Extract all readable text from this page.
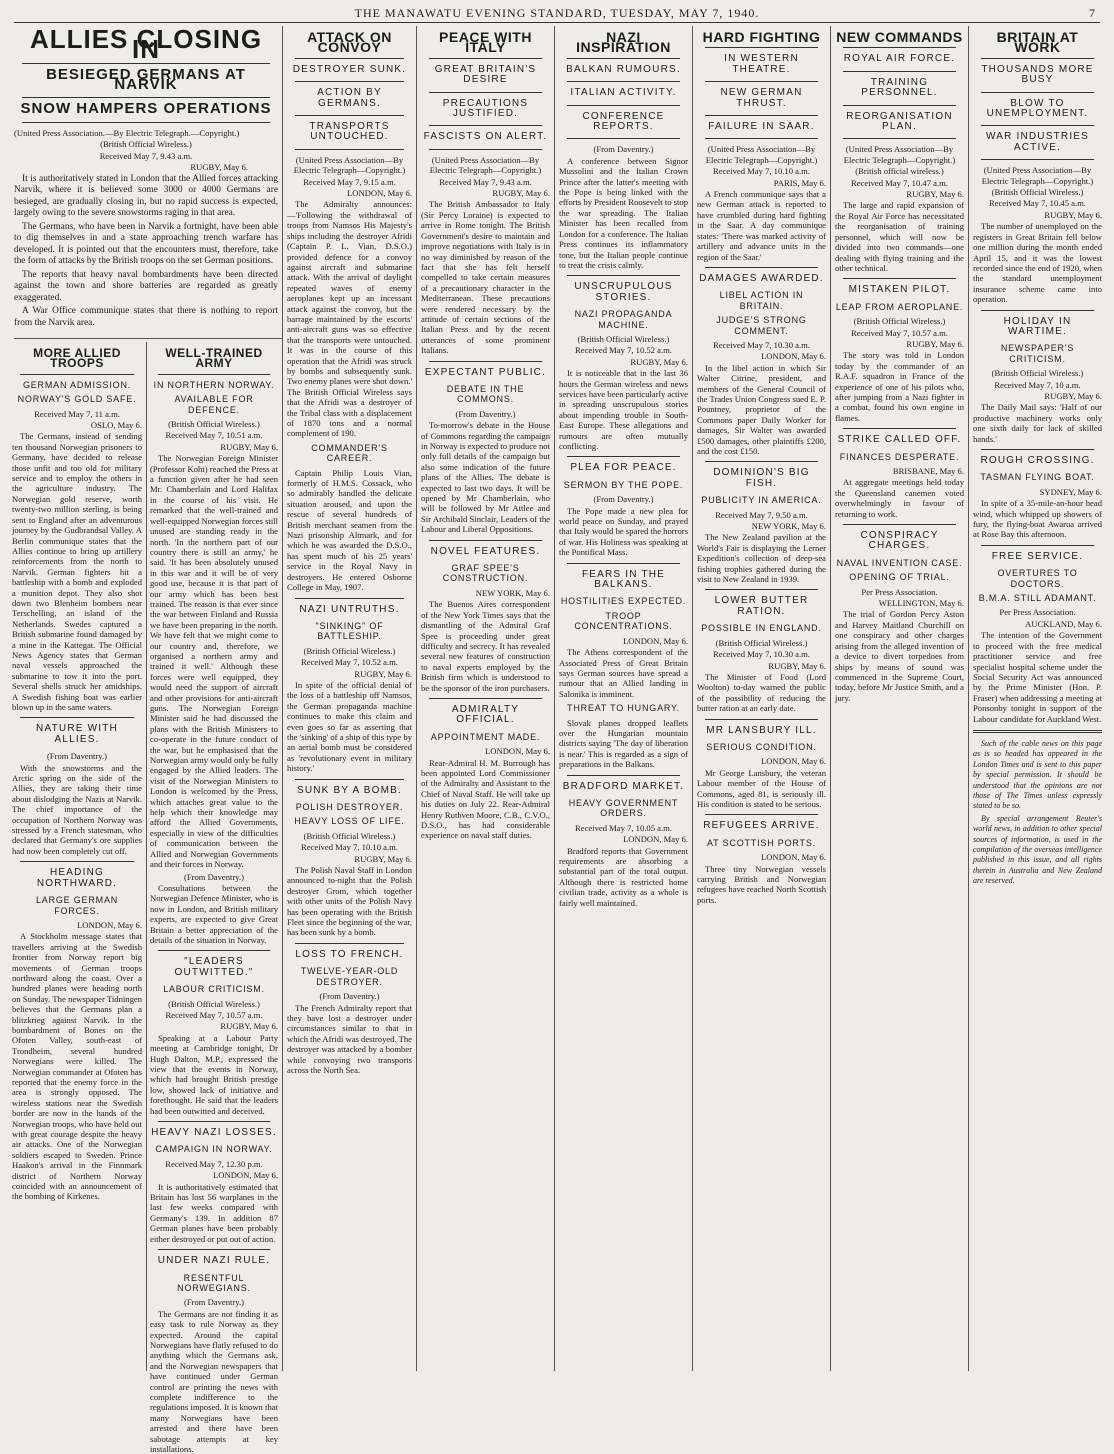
THE MANAWATU EVENING STANDARD, TUESDAY, MAY 7, 1940.	7
ALLIES CLOSING IN
BESIEGED GERMANS AT NARVIK
SNOW HAMPERS OPERATIONS
(United Press Association.—By Electric Telegraph.—Copyright.)
(British Official Wireless.)
Received May 7, 9.43 a.m.
RUGBY, May 6.

It is authoritatively stated in London that the Allied forces attacking Narvik, where it is believed some 3000 or 4000 Germans are besieged, are gradually closing in, but no rapid success is expected, largely owing to the severe snowstorms raging in that area.

The Germans, who have been in Narvik a fortnight, have been able to dig themselves in and a state approaching trench warfare has developed. It is pointed out that the encounters must, therefore, take the form of attacks by the British troops on the set German positions.

The reports that heavy naval bombardments have been directed against the town and shore batteries are regarded as greatly exaggerated.

A War Office communique states that there is nothing to report from the Narvik area.

MORE ALLIED TROOPS
GERMAN ADMISSION.
NORWAY'S GOLD SAFE.
Received May 7, 11 a.m.
OSLO, May 6.

The Germans, instead of sending ten thousand Norwegian prisoners to Germany, have decided to release those unfit and too old for military service and to employ the others in the agriculture industry. The Norwegian gold reserve, worth twenty-two million sterling, is being sent to England after an adventurous journey by the Gudbrandsal Valley. A Berlin communique states that the Allies continue to bring up artillery reinforcements from the north to Narvik. German fighters hit a battleship with a bomb and exploded a munition depot. They also shot down two Blenheim bombers near Terschelling, an island of the Netherlands. Swedes captured a British submarine found damaged by a mine in the Kattegat. The Official News Agency states that German naval vessels approached the submarine to tow it into the port. Several shells struck her amidships. A Swedish fishing boat was earlier blown up in the same waters.

NATURE WITH ALLIES.
(From Daventry.)

With the snowstorms and the Arctic spring on the side of the Allies, they are taking their time about dislodging the Nazis at Narvik. The chief importance of the occupation of Northern Norway was stressed by a French statesman, who declared that Germany's ore supplies had now been completely cut off.

HEADING NORTHWARD.
LARGE GERMAN FORCES.
LONDON, May 6.

A Stockholm message states that travellers arriving at the Swedish frontier from Norway report big movements of German troops northward along the coast. Over a hundred planes were heading north on Sunday. The newspaper Tidningen believes that the Germans plan a blitzkrieg against Narvik. In the bombardment of Bones on the Ofoten Valley, south-east of Trondheim, several hundred Norwegians were killed. The Norwegian commander at Ofoten has reported that the enemy force in the area is strongly opposed. The wireless stations near the Swedish border are now in the hands of the Norwegian troops, who have held out with great courage despite the heavy air attacks. One of the Norwegian soldiers escaped to Sweden. Prince Haakon's arrival in the Finnmark district of Northern Norway coincided with an announcement of the bombing of Kirkenes.

WELL-TRAINED ARMY
IN NORTHERN NORWAY.
AVAILABLE FOR DEFENCE.
(British Official Wireless.)
Received May 7, 10.51 a.m.
RUGBY, May 6.

The Norwegian Foreign Minister (Professor Koht) reached the Press at a function given after he had seen Mr. Chamberlain and Lord Halifax in the course of his visit. He remarked that the well-trained and well-equipped Norwegian forces still unused are standing ready in the north. 'In the northern part of our country there is still an army,' he said. 'It has been absolutely unused in this war and it will be of very good use, because it is that part of our army which has been best trained. The reason is that ever since the war between Finland and Russia we have been preparing in the north. We have felt that we might come to our country and, therefore, we organised a northern army and trained it well.' Although these forces were well equipped, they would need the support of aircraft and other provisions for anti-aircraft guns. The Norwegian Foreign Minister said he had discussed the plans with the British Ministers to co-operate in the future conduct of the war, but he emphasised that the Norwegian army would only be fully engaged by the Allied leaders. The visit of the Norwegian Ministers to London is welcomed by the Press, which attaches great value to the help which their knowledge may afford the Allied Governments, especially in view of the difficulties of communication between the Allied and Norwegian Governments and their forces in Norway.

(From Daventry.)

Consultations between the Norwegian Defence Minister, who is now in London, and British military experts, are expected to give Great Britain a better appreciation of the details of the situation in Norway.

"LEADERS OUTWITTED."
LABOUR CRITICISM.
(British Official Wireless.)
Received May 7, 10.57 a.m.
RUGBY, May 6.

Speaking at a Labour Party meeting at Cambridge tonight, Dr Hugh Dalton, M.P., expressed the view that the events in Norway, which had brought British prestige low, showed lack of initiative and forethought. He said that the leaders had been outwitted and deceived.

HEAVY NAZI LOSSES.
CAMPAIGN IN NORWAY.
Received May 7, 12.30 p.m.
LONDON, May 6.

It is authoritatively estimated that Britain has lost 56 warplanes in the last few weeks compared with Germany's 139. In addition 87 German planes have been probably either destroyed or put out of action.

UNDER NAZI RULE.
RESENTFUL NORWEGIANS.
(From Daventry.)

The Germans are not finding it as easy task to rule Norway as they expected. Around the capital Norwegians have flatly refused to do anything which the Germans ask, and the Norwegian newspapers that have continued under German control are printing the news with complete indifference to the regulations imposed. It is known that many Norwegians have been arrested and there have been sabotage attempts at key installations.

ATTACK ON CONVOY
DESTROYER SUNK.
ACTION BY GERMANS.
TRANSPORTS UNTOUCHED.
(United Press Association—By Electric Telegraph—Copyright.)
Received May 7, 9.15 a.m.
LONDON, May 6.

The Admiralty announces:—'Following the withdrawal of troops from Namsos His Majesty's ships including the destroyer Afridi (Captain P. L. Vian, D.S.O.) provided defence for a convoy against aircraft and submarine attack. With the arrival of daylight repeated waves of enemy aeroplanes kept up an incessant attack against the convoy, but the barrage maintained by the escorts' anti-aircraft guns was so effective that the transports were untouched. It was in the course of this operation that the Afridi was struck by bombs and subsequently sunk. Two enemy planes were shot down.' The British Official Wireless says that the Afridi was a destroyer of the Tribal class with a displacement of 1870 tons and a normal complement of 190.

COMMANDER'S CAREER.

Captain Philip Louis Vian, formerly of H.M.S. Cossack, who so admirably handled the delicate situation aroused, and upon the rescue of several hundreds of British merchant seamen from the Nazi prisonship Altmark, and for which he was awarded the D.S.O., has spent much of his 25 years' service in the Royal Navy in destroyers. He entered Osborne College in May, 1907.

NAZI UNTRUTHS.
"SINKING" OF BATTLESHIP.
(British Official Wireless.)
Received May 7, 10.52 a.m.
RUGBY, May 6.

In spite of the official denial of the loss of a battleship off Namsos, the German propaganda machine continues to make this claim and even goes so far as asserting that the 'sinking' of a ship of this type by an aerial bomb must be considered as 'revolutionary event in military history.'

SUNK BY A BOMB.
POLISH DESTROYER.
HEAVY LOSS OF LIFE.
(British Official Wireless.)
Received May 7, 10.10 a.m.
RUGBY, May 6.

The Polish Naval Staff in London announced to-night that the Polish destroyer Grom, which together with other units of the Polish Navy has been operating with the British Fleet since the beginning of the war, has been sunk by a bomb.

LOSS TO FRENCH.
TWELVE-YEAR-OLD DESTROYER.
(From Daventry.)

The French Admiralty report that they have lost a destroyer under circumstances similar to that in which the Afridi was destroyed. The destroyer was attacked by a bomber while convoying two transports across the North Sea.

PEACE WITH ITALY
GREAT BRITAIN'S DESIRE
PRECAUTIONS JUSTIFIED.
FASCISTS ON ALERT.
(United Press Association—By Electric Telegraph—Copyright.)
Received May 7, 9.43 a.m.
RUGBY, May 6.

The British Ambassador to Italy (Sir Percy Loraine) is expected to arrive in Rome tonight. The British Government's desire to maintain and improve negotiations with Italy is in no way diminished by reason of the fact that she has felt herself compelled to take certain measures of a precautionary character in the Mediterranean. These precautions were rendered necessary by the attitude of certain sections of the Italian Press and by the recent utterances of some prominent Italians.

EXPECTANT PUBLIC.
DEBATE IN THE COMMONS.
(From Daventry.)

To-morrow's debate in the House of Commons regarding the campaign in Norway is expected to produce not only full details of the campaign but also some indication of the future plans of the Allies. The debate is expected to last two days. It will be opened by Mr Chamberlain, who will be followed by Mr Attlee and Sir Archibald Sinclair, Leaders of the Labour and Liberal Oppositions.

NOVEL FEATURES.
GRAF SPEE'S CONSTRUCTION.
NEW YORK, May 6.

The Buenos Aires correspondent of the New York Times says that the dismantling of the Admiral Graf Spee is proceeding under great difficulty and secrecy. It has revealed several new features of construction to naval experts employed by the British firm which is understood to be the sponsor of the iron purchasers.

ADMIRALTY OFFICIAL.
APPOINTMENT MADE.
LONDON, May 6.

Rear-Admiral H. M. Burrough has been appointed Lord Commissioner of the Admiralty and Assistant to the Chief of Naval Staff. He will take up his duties on July 22. Rear-Admiral Henry Ruthven Moore, C.B., C.V.O., D.S.O., has had considerable experience on naval staff duties.

NAZI INSPIRATION
BALKAN RUMOURS.
ITALIAN ACTIVITY.
CONFERENCE REPORTS.
(From Daventry.)

A conference between Signor Mussolini and the Italian Crown Prince after the latter's meeting with the Pope is being linked with the efforts by President Roosevelt to stop the war spreading. The Italian Minister has been recalled from London for a conference. The Italian Press continues its inflammatory tone, but the Italian people continue to treat the crisis calmly.

UNSCRUPULOUS STORIES.
NAZI PROPAGANDA MACHINE.
(British Official Wireless.)
Received May 7, 10.52 a.m.
RUGBY, May 6.

It is noticeable that in the last 36 hours the German wireless and news services have been particularly active in spreading unscrupulous stories about impending trouble in South-East Europe. These allegations and rumours are often mutually conflicting.

PLEA FOR PEACE.
SERMON BY THE POPE.
(From Daventry.)

The Pope made a new plea for world peace on Sunday, and prayed that Italy would be spared the horrors of war. His Holiness was speaking at the Pontifical Mass.

FEARS IN THE BALKANS.
HOSTILITIES EXPECTED.
TROOP CONCENTRATIONS.
LONDON, May 6.

The Athens correspondent of the Associated Press of Great Britain says German sources have spread a rumour that an Allied landing in Salonika is imminent.

THREAT TO HUNGARY.

Slovak planes dropped leaflets over the Hungarian mountain districts saying 'The day of liberation is near.' This is regarded as a sign of preparations in the Balkans.

BRADFORD MARKET.
HEAVY GOVERNMENT ORDERS.
Received May 7, 10.05 a.m.
LONDON, May 6.

Bradford reports that Government requirements are absorbing a substantial part of the total output. Although there is restricted home civilian trade, activity as a whole is fairly well maintained.

HARD FIGHTING
IN WESTERN THEATRE.
NEW GERMAN THRUST.
FAILURE IN SAAR.
(United Press Association—By Electric Telegraph—Copyright.)
Received May 7, 10.10 a.m.
PARIS, May 6.

A French communique says that a new German attack is reported to have crumbled during hard fighting in the Saar. A day communique states: 'There was marked activity of artillery and advance units in the region of the Saar.'

DAMAGES AWARDED.
LIBEL ACTION IN BRITAIN.
JUDGE'S STRONG COMMENT.
Received May 7, 10.30 a.m.
LONDON, May 6.

In the libel action in which Sir Walter Citrine, president, and members of the General Council of the Trades Union Congress sued E. P. Pountney, proprietor of the Commons paper Daily Worker for damages, Sir Walter was awarded £500 damages, other plaintiffs £200, and the cost £150.

DOMINION'S BIG FISH.
PUBLICITY IN AMERICA.
Received May 7, 9.50 a.m.
NEW YORK, May 6.

The New Zealand pavilion at the World's Fair is displaying the Lerner Expedition's collection of deep-sea fishing trophies gathered during the visit to New Zealand in 1939.

LOWER BUTTER RATION.
POSSIBLE IN ENGLAND.
(British Official Wireless.)
Received May 7, 10.30 a.m.
RUGBY, May 6.

The Minister of Food (Lord Woolton) to-day warned the public of the possibility of reducing the butter ration at an early date.

MR LANSBURY ILL.
SERIOUS CONDITION.
LONDON, May 6.

Mr George Lansbury, the veteran Labour member of the House of Commons, aged 81, is seriously ill. His condition is stated to be serious.

REFUGEES ARRIVE.
AT SCOTTISH PORTS.
LONDON, May 6.

Three tiny Norwegian vessels carrying British and Norwegian refugees have reached North Scottish ports.

NEW COMMANDS
ROYAL AIR FORCE.
TRAINING PERSONNEL.
REORGANISATION PLAN.
(United Press Association—By Electric Telegraph—Copyright.)
(British official wireless.)
Received May 7, 10.47 a.m.
RUGBY, May 6.

The large and rapid expansion of the Royal Air Force has necessitated the reorganisation of training personnel, which will now be divided into two commands—one dealing with flying training and the other technical.

MISTAKEN PILOT.
LEAP FROM AEROPLANE.
(British Official Wireless.)
Received May 7, 10.57 a.m.
RUGBY, May 6.

The story was told in London today by the commander of an R.A.F. squadron in France of the experience of one of his pilots who, after jumping from a Nazi fighter in a combat, found his own engine in flames.

STRIKE CALLED OFF.
FINANCES DESPERATE.
BRISBANE, May 6.

At aggregate meetings held today the Queensland canemen voted overwhelmingly in favour of returning to work.

CONSPIRACY CHARGES.
NAVAL INVENTION CASE.
OPENING OF TRIAL.
Per Press Association.
WELLINGTON, May 6.

The trial of Gordon Percy Aston and Harvey Maitland Churchill on one conspiracy and other charges arising from the alleged invention of a device to divert torpedoes from ships by means of sound was commenced in the Supreme Court, today, before Mr Justice Smith, and a jury.

BRITAIN AT WORK
THOUSANDS MORE BUSY
BLOW TO UNEMPLOYMENT.
WAR INDUSTRIES ACTIVE.
(United Press Association—By Electric Telegraph—Copyright.)
(British Official Wireless.)
Received May 7, 10.45 a.m.
RUGBY, May 6.

The number of unemployed on the registers in Great Britain fell below one million during the month ended April 15, and it was the lowest recorded since the end of 1920, when the standard unemployment insurance scheme came into operation.

HOLIDAY IN WARTIME.
NEWSPAPER'S CRITICISM.
(British Official Wireless.)
Received May 7, 10 a.m.
RUGBY, May 6.

The Daily Mail says: 'Half of our productive machinery works only one sixth daily for lack of skilled hands.'

ROUGH CROSSING.
TASMAN FLYING BOAT.
SYDNEY, May 6.

In spite of a 35-mile-an-hour head wind, which whipped up showers of fury, the flying-boat Awarua arrived at Rose Bay this afternoon.

FREE SERVICE.
OVERTURES TO DOCTORS.
B.M.A. STILL ADAMANT.
Per Press Association.
AUCKLAND, May 6.

The intention of the Government to proceed with the free medical practitioner service and free specialist hospital scheme under the Social Security Act was announced by the Prime Minister (Hon. P. Fraser) when addressing a meeting at Ponsonby tonight in support of the Labour candidate for Auckland West.

Such of the cable news on this page as is so headed has appeared in the London Times and is sent to this paper by special permission. It should be understood that the opinions are not those of The Times unless expressly stated to be so.

By special arrangement Reuter's world news, in addition to other special sources of information, is used in the compilation of the overseas intelligence published in this issue, and all rights therein in Australia and New Zealand are reserved.
